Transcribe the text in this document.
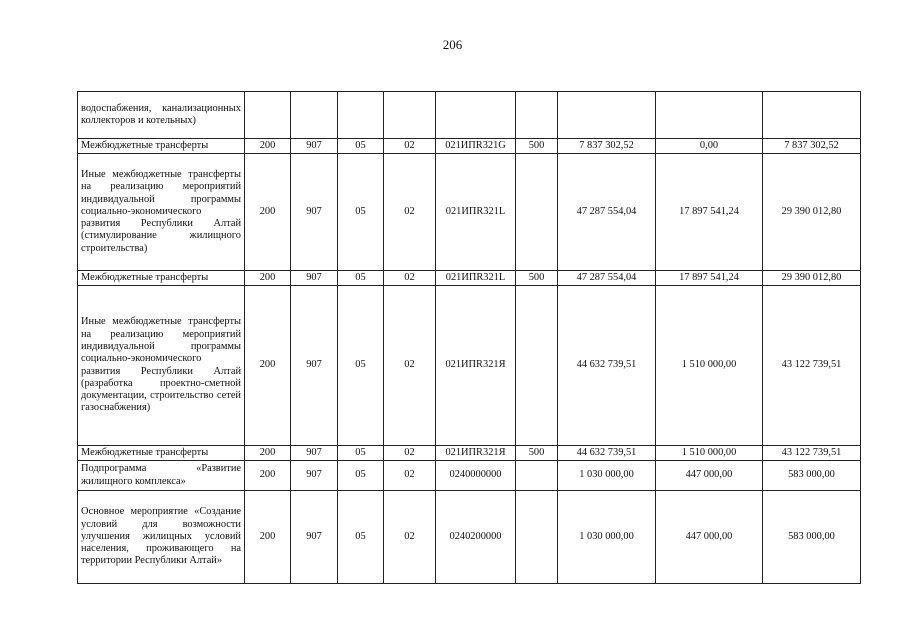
206
водоспабжения, канализационных коллекторов и котельных)									
Межбюджетные трансферты	200	907	05	02	021ИПR321G	500	7 837 302,52	0,00	7 837 302,52
Иные межбюджетные трансферты на реализацию мероприятий индивидуальной программы социально-экономического развития Республики Алтай (стимулирование жилищного строительства)	200	907	05	02	021ИПR321L		47 287 554,04	17 897 541,24	29 390 012,80
Межбюджетные трансферты	200	907	05	02	021ИПR321L	500	47 287 554,04	17 897 541,24	29 390 012,80
Иные межбюджетные трансферты на реализацию мероприятий индивидуальной программы социально-экономического развития Республики Алтай (разработка проектно-сметной документации, строительство сетей газоснабжения)	200	907	05	02	021ИПR321Я		44 632 739,51	1 510 000,00	43 122 739,51
Межбюджетные трансферты	200	907	05	02	021ИПR321Я	500	44 632 739,51	1 510 000,00	43 122 739,51
Подпрограмма «Развитие жилищного комплекса»	200	907	05	02	0240000000		1 030 000,00	447 000,00	583 000,00
Основное мероприятие «Создание условий для возможности улучшения жилищных условий населения, проживающего на территории Республики Алтай»	200	907	05	02	0240200000		1 030 000,00	447 000,00	583 000,00
